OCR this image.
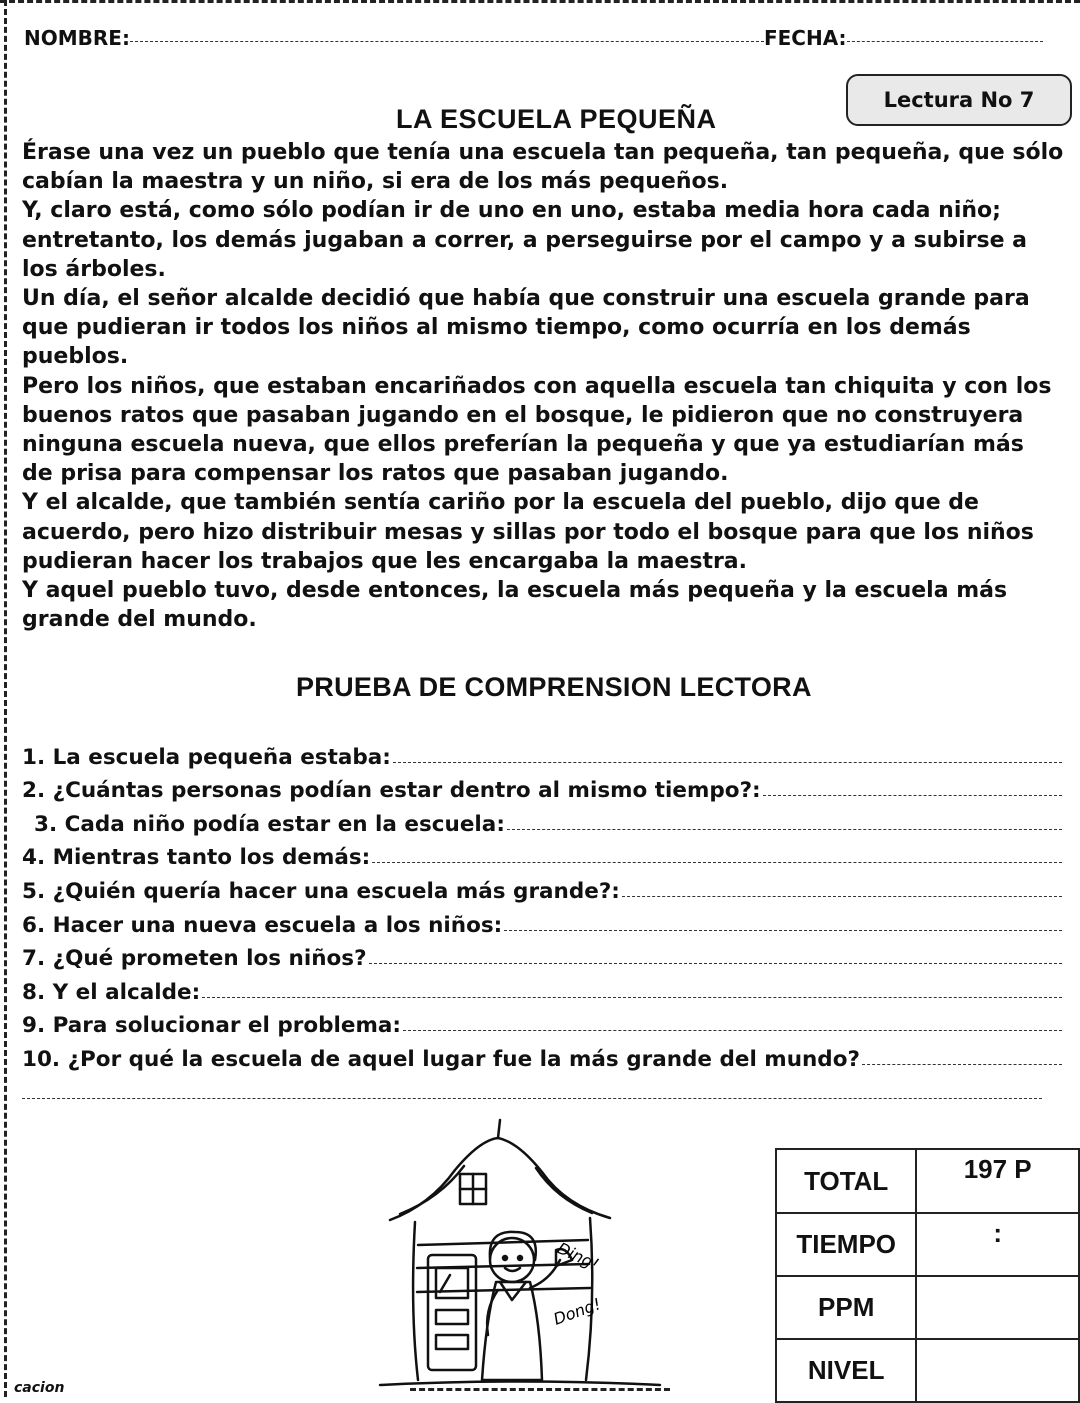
NOMBRE:	FECHA:
Lectura No 7
LA ESCUELA PEQUEÑA

Érase una vez un pueblo que tenía una escuela tan pequeña, tan pequeña, que sólo

cabían la maestra y un niño, si era de los más pequeños.

Y, claro está, como sólo podían ir de uno en uno, estaba media hora cada niño;

entretanto, los demás jugaban a correr, a perseguirse por el campo y a subirse a

los árboles.

Un día, el señor alcalde decidió que había que construir una escuela grande para

que pudieran ir todos los niños al mismo tiempo, como ocurría en los demás

pueblos.

Pero los niños, que estaban encariñados con aquella escuela tan chiquita y con los

buenos ratos que pasaban jugando en el bosque, le pidieron que no construyera

ninguna escuela nueva, que ellos preferían la pequeña y que ya estudiarían más

de prisa para compensar los ratos que pasaban jugando.

Y el alcalde, que también sentía cariño por la escuela del pueblo, dijo que de

acuerdo, pero hizo distribuir mesas y sillas por todo el bosque para que los niños

pudieran hacer los trabajos que les encargaba la maestra.

Y aquel pueblo tuvo, desde entonces, la escuela más pequeña y la escuela más

grande del mundo.

PRUEBA DE COMPRENSION LECTORA
1. La escuela pequeña estaba:
2. ¿Cuántas personas podían estar dentro al mismo tiempo?:
3. Cada niño podía estar en la escuela:
4. Mientras tanto los demás:
5. ¿Quién quería hacer una escuela más grande?:
6. Hacer una nueva escuela a los niños:
7. ¿Qué prometen los niños?
8. Y el alcalde:
9. Para solucionar el problema:
10. ¿Por qué la escuela de aquel lugar fue la más grande del mundo?
Ding!
Dong!
TOTAL	197 P
TIEMPO	:
PPM	
NIVEL	
cacion
